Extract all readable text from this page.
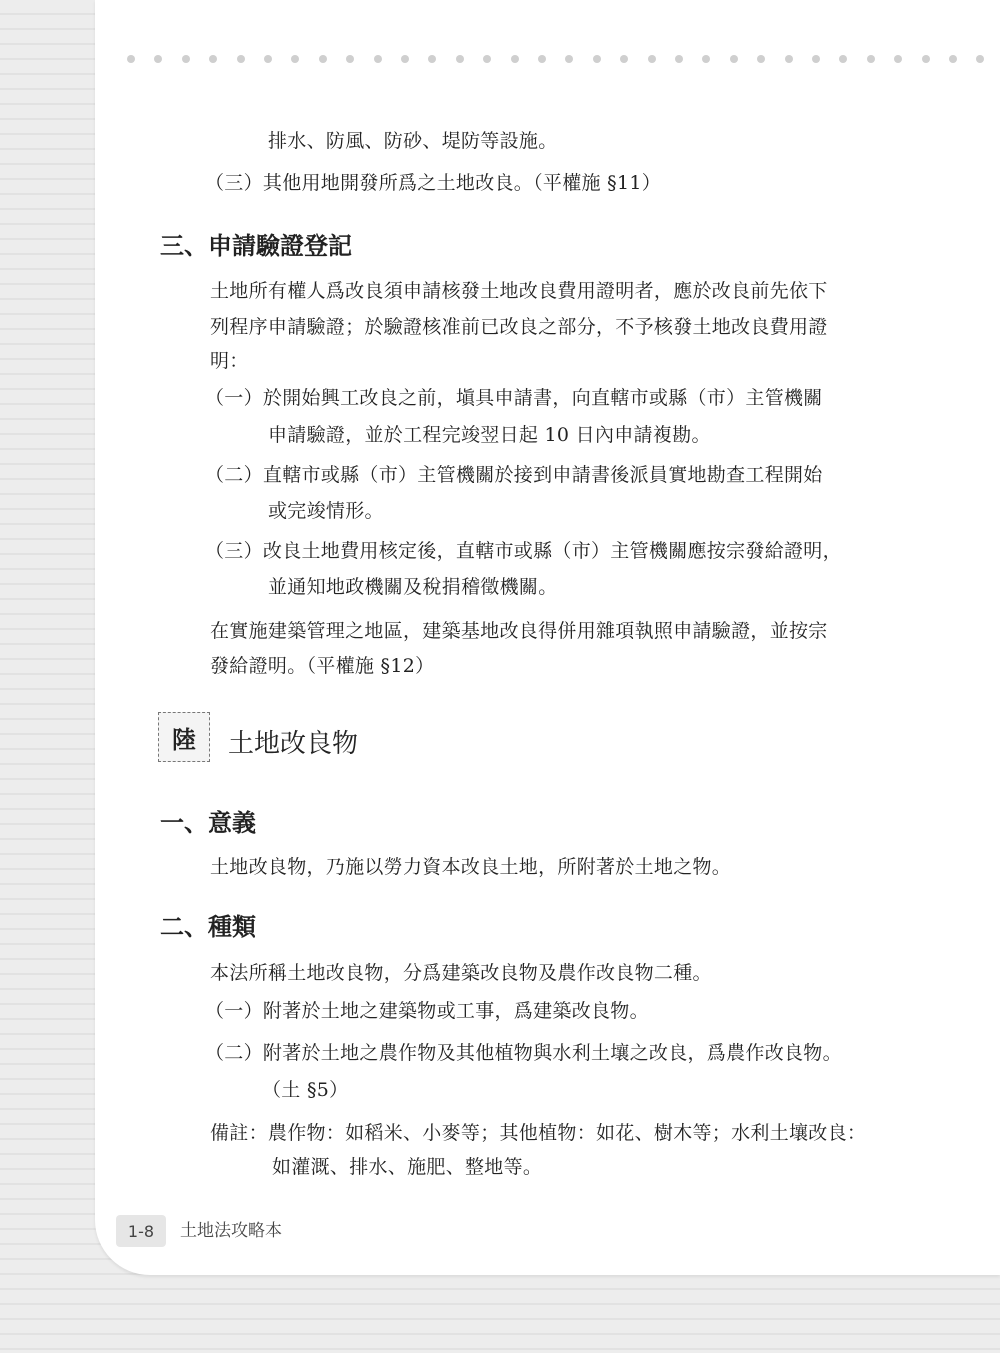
排水、防風、防砂、堤防等設施。
（三）其他用地開發所爲之土地改良。（平權施 §11）
三、申請驗證登記
土地所有權人爲改良須申請核發土地改良費用證明者，應於改良前先依下
列程序申請驗證；於驗證核准前已改良之部分，不予核發土地改良費用證
明：
（一）於開始興工改良之前，塡具申請書，向直轄市或縣（市）主管機關
申請驗證，並於工程完竣翌日起 10 日內申請複勘。
（二）直轄市或縣（市）主管機關於接到申請書後派員實地勘查工程開始
或完竣情形。
（三）改良土地費用核定後，直轄市或縣（市）主管機關應按宗發給證明，
並通知地政機關及稅捐稽徵機關。
在實施建築管理之地區，建築基地改良得併用雜項執照申請驗證，並按宗
發給證明。（平權施 §12）
陸	土地改良物
一、意義
土地改良物，乃施以勞力資本改良土地，所附著於土地之物。
二、種類
本法所稱土地改良物，分爲建築改良物及農作改良物二種。
（一）附著於土地之建築物或工事，爲建築改良物。
（二）附著於土地之農作物及其他植物與水利土壤之改良，爲農作改良物。
（土 §5）
備註：農作物：如稻米、小麥等；其他植物：如花、樹木等；水利土壤改良：
如灌溉、排水、施肥、整地等。
1-8	土地法攻略本
